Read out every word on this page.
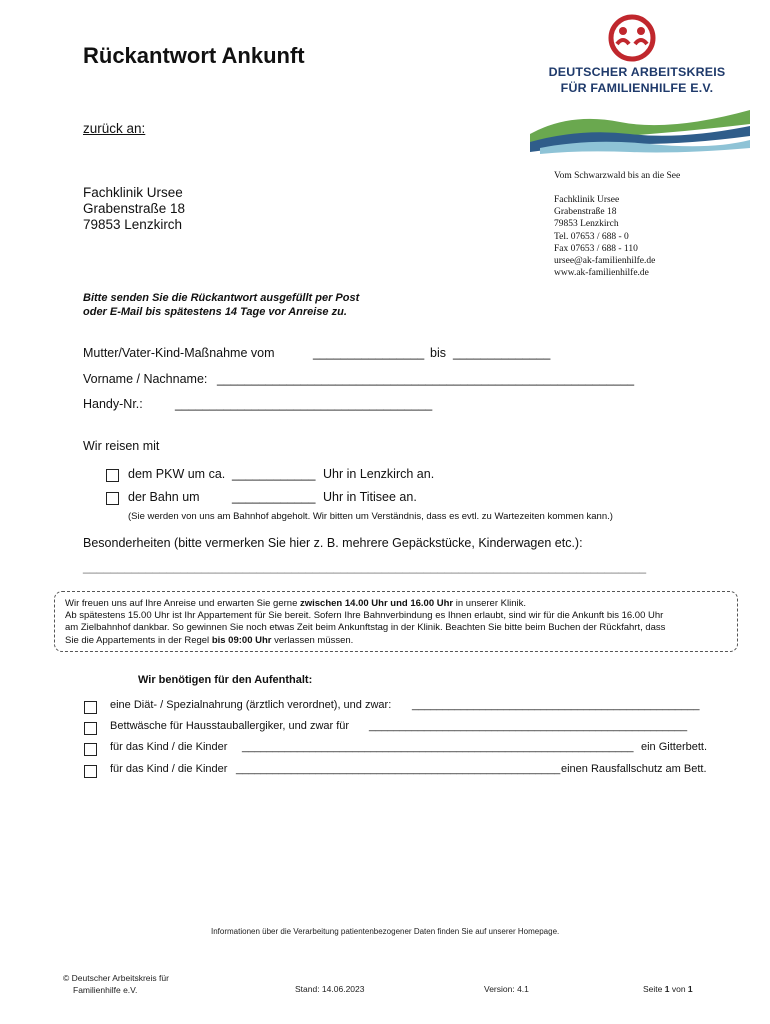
Rückantwort Ankunft
zurück an:
DEUTSCHER ARBEITSKREIS
FÜR FAMILIENHILFE E.V.
Vom Schwarzwald bis an die See
Fachklinik Ursee
Grabenstraße 18
79853 Lenzkirch
Tel. 07653 / 688 - 0
Fax 07653 / 688 - 110
ursee@ak-familienhilfe.de
www.ak-familienhilfe.de
Fachklinik Ursee
Grabenstraße 18
79853 Lenzkirch
Bitte senden Sie die Rückantwort ausgefüllt per Post
oder E-Mail bis spätestens 14 Tage vor Anreise zu.
Mutter/Vater-Kind-Maßnahme vom	________________ bis ______________
Vorname / Nachname: ____________________________________________________________
Handy-Nr.:	_____________________________________
Wir reisen mit
dem PKW um ca. ____________ Uhr in Lenzkirch an.
der Bahn um	____________ Uhr in Titisee an.
(Sie werden von uns am Bahnhof abgeholt. Wir bitten um Verständnis, dass es evtl. zu Wartezeiten kommen kann.)
Besonderheiten (bitte vermerken Sie hier z. B. mehrere Gepäckstücke, Kinderwagen etc.):
_________________________________________________________________________________
Wir freuen uns auf Ihre Anreise und erwarten Sie gerne zwischen 14.00 Uhr und 16.00 Uhr in unserer Klinik.
Ab spätestens 15.00 Uhr ist Ihr Appartement für Sie bereit. Sofern Ihre Bahnverbindung es Ihnen erlaubt, sind wir für die Ankunft bis 16.00 Uhr
am Zielbahnhof dankbar. So gewinnen Sie noch etwas Zeit beim Ankunftstag in der Klinik. Beachten Sie bitte beim Buchen der Rückfahrt, dass
Sie die Appartements in der Regel bis 09:00 Uhr verlassen müssen.
Wir benötigen für den Aufenthalt:
eine Diät- / Spezialnahrung (ärztlich verordnet), und zwar: _______________________________________________
Bettwäsche für Hausstauballergiker, und zwar für ____________________________________________________
für das Kind / die Kinder ________________________________________________________________ ein Gitterbett.
für das Kind / die Kinder _____________________________________________________ einen Rausfallschutz am Bett.
Informationen über die Verarbeitung patientenbezogener Daten finden Sie auf unserer Homepage.
© Deutscher Arbeitskreis für
Familienhilfe e.V.	Stand: 14.06.2023	Version: 4.1	Seite 1 von 1
